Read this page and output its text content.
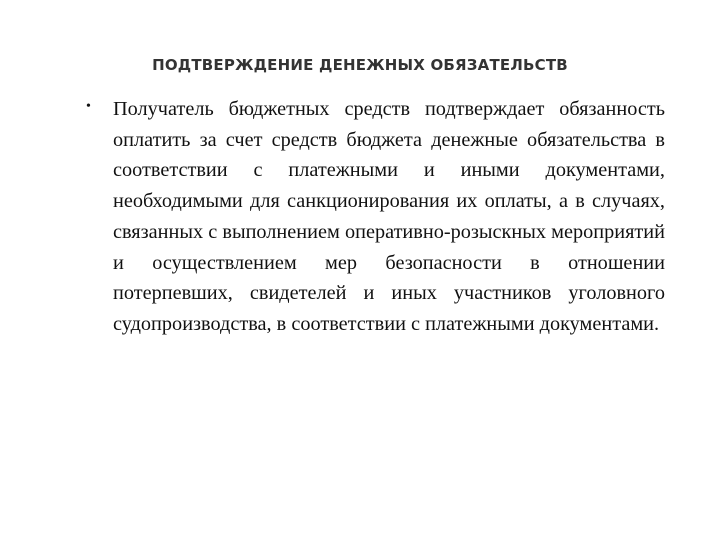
ПОДТВЕРЖДЕНИЕ ДЕНЕЖНЫХ ОБЯЗАТЕЛЬСТВ
• Получатель бюджетных средств подтверждает обязанность оплатить за счет средств бюджета денежные обязательства в соответствии с платежными и иными документами, необходимыми для санкционирования их оплаты, а в случаях, связанных с выполнением оперативно-розыскных мероприятий и осуществлением мер безопасности в отношении потерпевших, свидетелей и иных участников уголовного судопроизводства, в соответствии с платежными документами.
